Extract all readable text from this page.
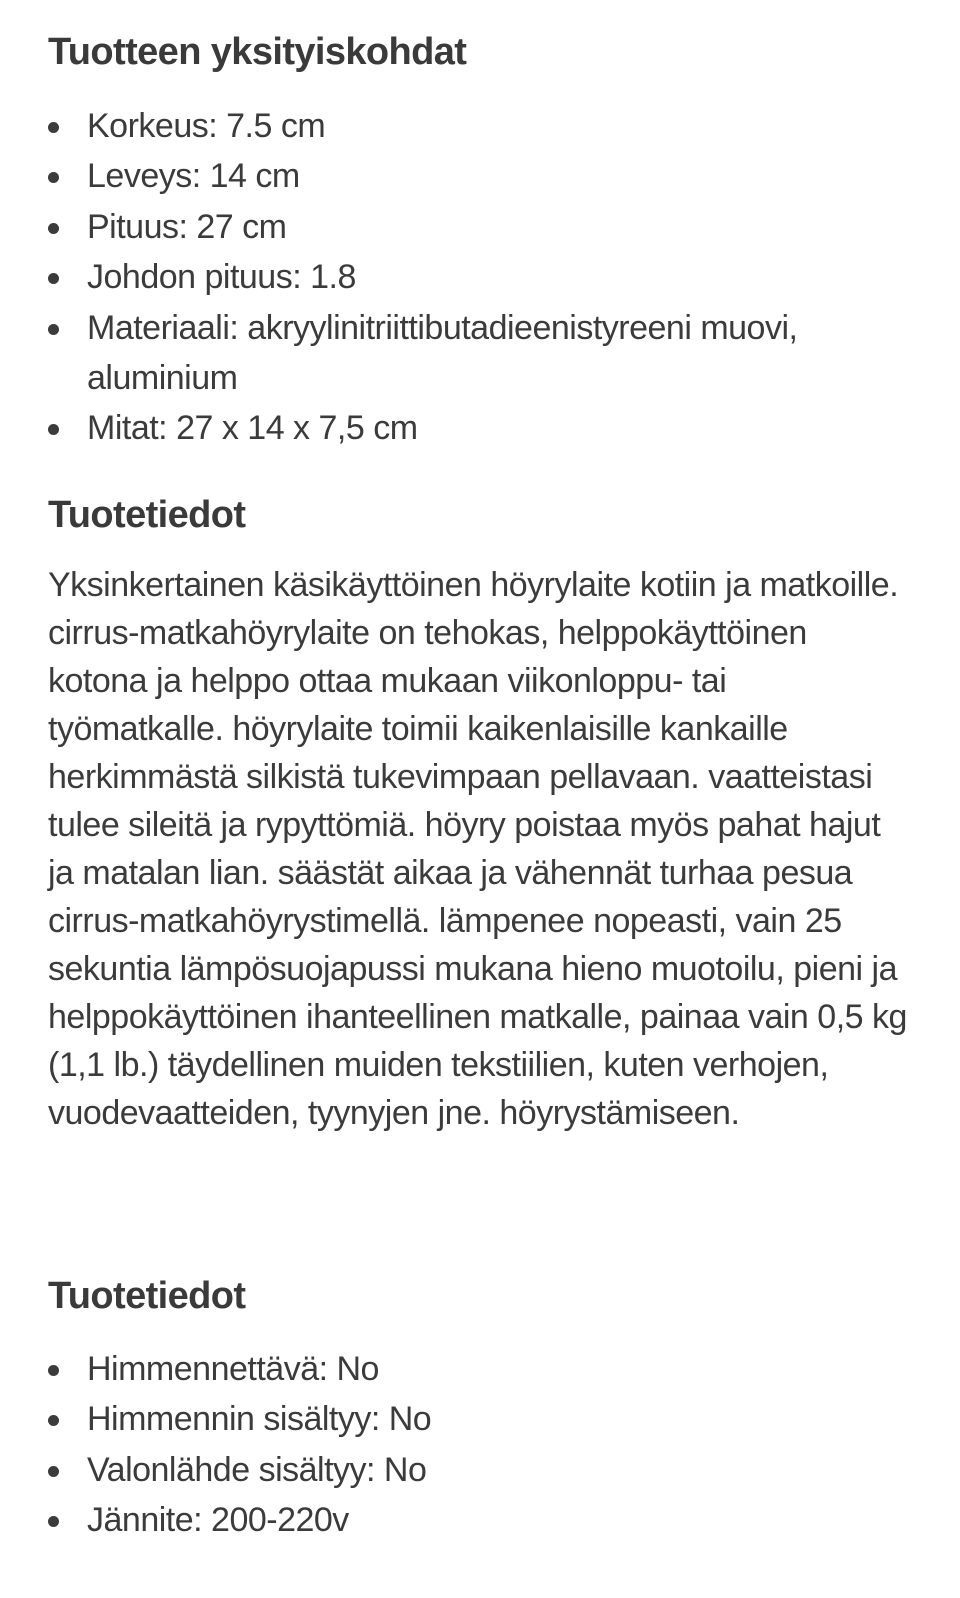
Tuotteen yksityiskohdat
Korkeus: 7.5 cm
Leveys: 14 cm
Pituus: 27 cm
Johdon pituus: 1.8
Materiaali: akryylinitriittibutadieenistyreeni muovi, aluminium
Mitat: 27 x 14 x 7,5 cm
Tuotetiedot

Yksinkertainen käsikäyttöinen höyrylaite kotiin ja matkoille. cirrus-matkahöyrylaite on tehokas, helppokäyttöinen kotona ja helppo ottaa mukaan viikonloppu- tai työmatkalle. höyrylaite toimii kaikenlaisille kankaille herkimmästä silkistä tukevimpaan pellavaan. vaatteistasi tulee sileitä ja rypyttömiä. höyry poistaa myös pahat hajut ja matalan lian. säästät aikaa ja vähennät turhaa pesua cirrus-matkahöyrystimellä. lämpenee nopeasti, vain 25 sekuntia lämpösuojapussi mukana hieno muotoilu, pieni ja helppokäyttöinen ihanteellinen matkalle, painaa vain 0,5 kg (1,1 lb.) täydellinen muiden tekstiilien, kuten verhojen, vuodevaatteiden, tyynyjen jne. höyrystämiseen.

Tuotetiedot
Himmennettävä: No
Himmennin sisältyy: No
Valonlähde sisältyy: No
Jännite: 200-220v
